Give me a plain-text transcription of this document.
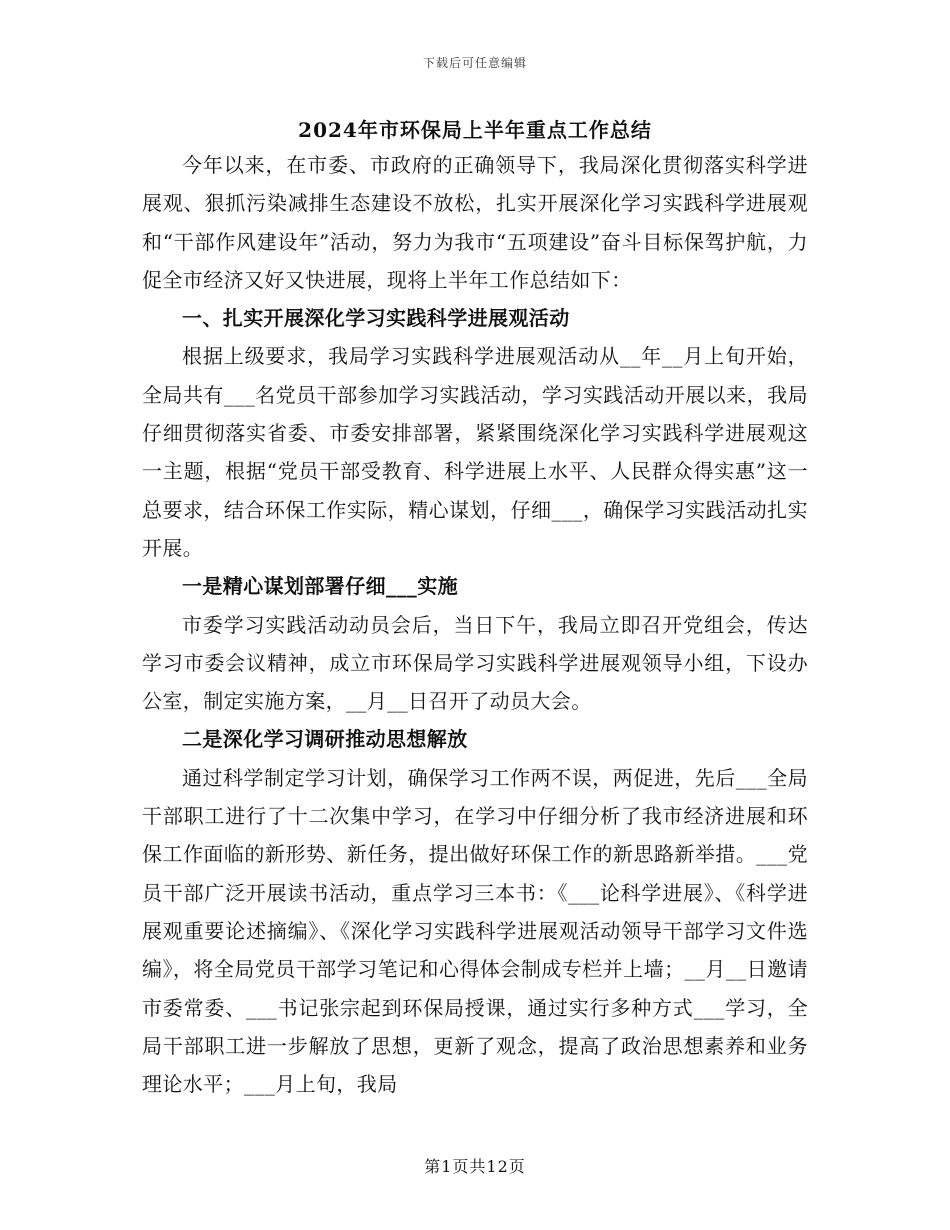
下载后可任意编辑
2024年市环保局上半年重点工作总结

今年以来，在市委、市政府的正确领导下，我局深化贯彻落实科学进展观、狠抓污染减排生态建设不放松，扎实开展深化学习实践科学进展观和“干部作风建设年”活动，努力为我市“五项建设”奋斗目标保驾护航，力促全市经济又好又快进展，现将上半年工作总结如下：

一、扎实开展深化学习实践科学进展观活动

根据上级要求，我局学习实践科学进展观活动从__年__月上旬开始，全局共有___名党员干部参加学习实践活动，学习实践活动开展以来，我局仔细贯彻落实省委、市委安排部署，紧紧围绕深化学习实践科学进展观这一主题，根据“党员干部受教育、科学进展上水平、人民群众得实惠”这一总要求，结合环保工作实际，精心谋划，仔细___，确保学习实践活动扎实开展。

一是精心谋划部署仔细___实施

市委学习实践活动动员会后，当日下午，我局立即召开党组会，传达学习市委会议精神，成立市环保局学习实践科学进展观领导小组，下设办公室，制定实施方案，__月__日召开了动员大会。

二是深化学习调研推动思想解放

通过科学制定学习计划，确保学习工作两不误，两促进，先后___全局干部职工进行了十二次集中学习，在学习中仔细分析了我市经济进展和环保工作面临的新形势、新任务，提出做好环保工作的新思路新举措。___党员干部广泛开展读书活动，重点学习三本书：《___论科学进展》、《科学进展观重要论述摘编》、《深化学习实践科学进展观活动领导干部学习文件选编》，将全局党员干部学习笔记和心得体会制成专栏并上墙；__月__日邀请市委常委、___书记张宗起到环保局授课，通过实行多种方式___学习，全局干部职工进一步解放了思想，更新了观念，提高了政治思想素养和业务理论水平；___月上旬，我局

第1页共12页
